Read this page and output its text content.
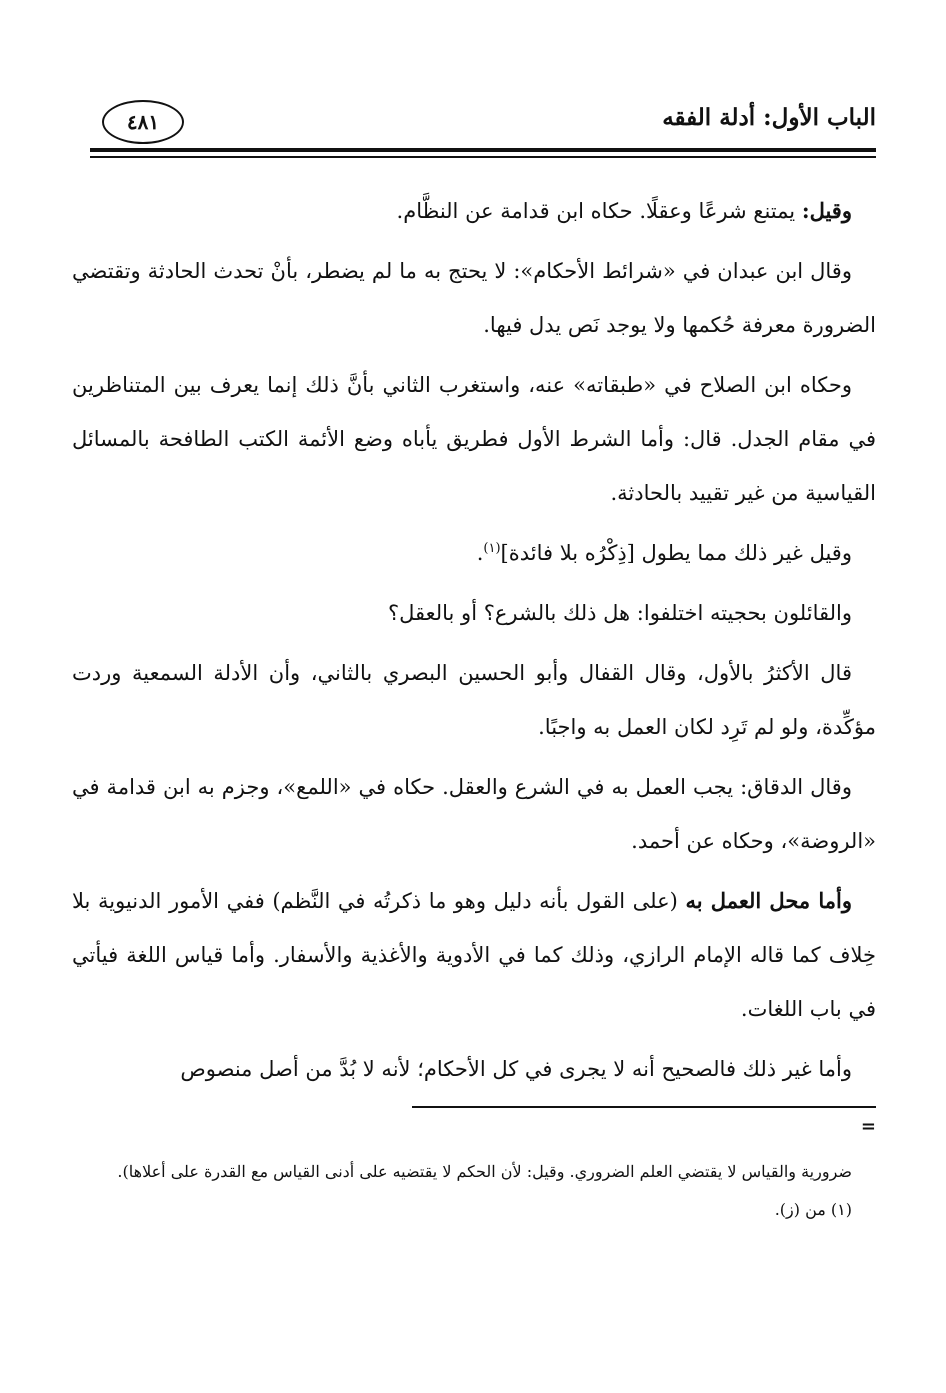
الباب الأول: أدلة الفقه
٤٨١

وقيل: يمتنع شرعًا وعقلًا. حكاه ابن قدامة عن النظَّام.

وقال ابن عبدان في «شرائط الأحكام»: لا يحتج به ما لم يضطر، بأنْ تحدث الحادثة وتقتضي الضرورة معرفة حُكمها ولا يوجد نَص يدل فيها.

وحكاه ابن الصلاح في «طبقاته» عنه، واستغرب الثاني بأنَّ ذلك إنما يعرف بين المتناظرين في مقام الجدل. قال: وأما الشرط الأول فطريق يأباه وضع الأئمة الكتب الطافحة بالمسائل القياسية من غير تقييد بالحادثة.

وقيل غير ذلك مما يطول [ذِكْرُه بلا فائدة]$^{(١)}$.

والقائلون بحجيته اختلفوا: هل ذلك بالشرع؟ أو بالعقل؟

قال الأكثرُ بالأول، وقال القفال وأبو الحسين البصري بالثاني، وأن الأدلة السمعية وردت مؤكِّدة، ولو لم تَرِد لكان العمل به واجبًا.

وقال الدقاق: يجب العمل به في الشرع والعقل. حكاه في «اللمع»، وجزم به ابن قدامة في «الروضة»، وحكاه عن أحمد.

وأما محل العمل به (على القول بأنه دليل وهو ما ذكرتُه في النَّظم) ففي الأمور الدنيوية بلا خِلاف كما قاله الإمام الرازي، وذلك كما في الأدوية والأغذية والأسفار. وأما قياس اللغة فيأتي في باب اللغات.

وأما غير ذلك فالصحيح أنه لا يجرى في كل الأحكام؛ لأنه لا بُدَّ من أصل منصوص

=

ضرورية والقياس لا يقتضي العلم الضروري. وقيل: لأن الحكم لا يقتضيه على أدنى القياس مع القدرة على أعلاها).

(١) من (ز).
